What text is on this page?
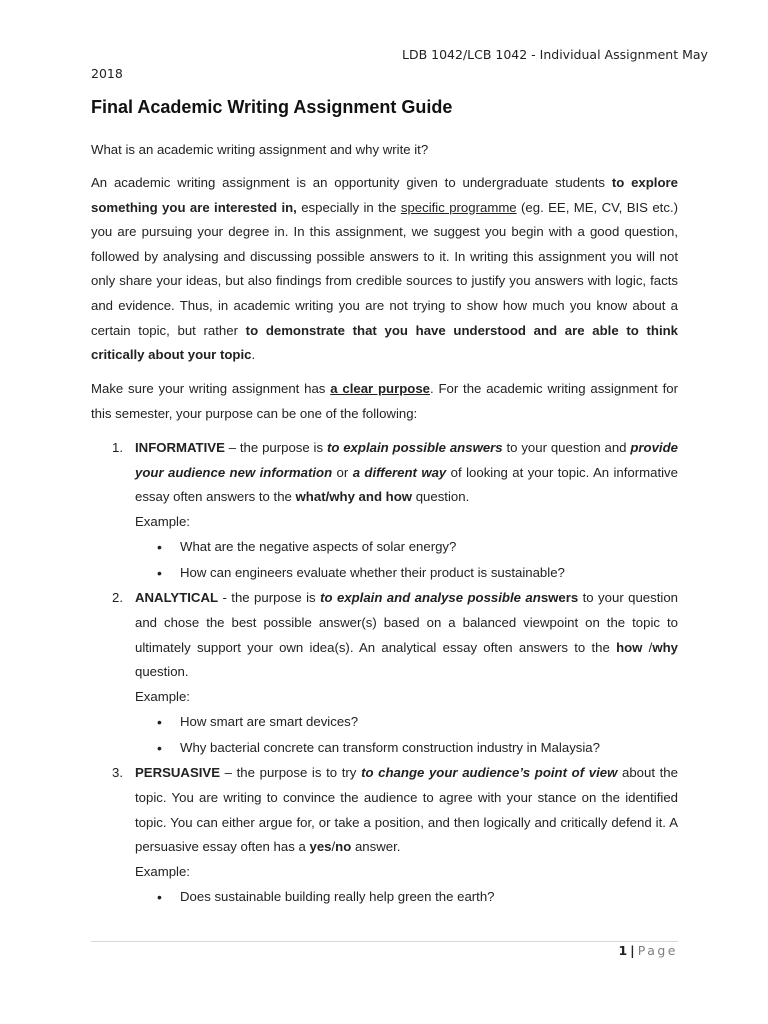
LDB 1042/LCB 1042 - Individual Assignment May
2018
Final Academic Writing Assignment Guide
What is an academic writing assignment and why write it?
An academic writing assignment is an opportunity given to undergraduate students to explore something you are interested in, especially in the specific programme (eg. EE, ME, CV, BIS etc.) you are pursuing your degree in. In this assignment, we suggest you begin with a good question, followed by analysing and discussing possible answers to it. In writing this assignment you will not only share your ideas, but also findings from credible sources to justify you answers with logic, facts and evidence. Thus, in academic writing you are not trying to show how much you know about a certain topic, but rather to demonstrate that you have understood and are able to think critically about your topic.
Make sure your writing assignment has a clear purpose. For the academic writing assignment for this semester, your purpose can be one of the following:
1. INFORMATIVE – the purpose is to explain possible answers to your question and provide your audience new information or a different way of looking at your topic. An informative essay often answers to the what/why and how question.
Example:
• What are the negative aspects of solar energy?
• How can engineers evaluate whether their product is sustainable?
2. ANALYTICAL - the purpose is to explain and analyse possible answers to your question and chose the best possible answer(s) based on a balanced viewpoint on the topic to ultimately support your own idea(s). An analytical essay often answers to the how /why question.
Example:
• How smart are smart devices?
• Why bacterial concrete can transform construction industry in Malaysia?
3. PERSUASIVE – the purpose is to try to change your audience’s point of view about the topic. You are writing to convince the audience to agree with your stance on the identified topic. You can either argue for, or take a position, and then logically and critically defend it. A persuasive essay often has a yes/no answer.
Example:
• Does sustainable building really help green the earth?
1 | Page
